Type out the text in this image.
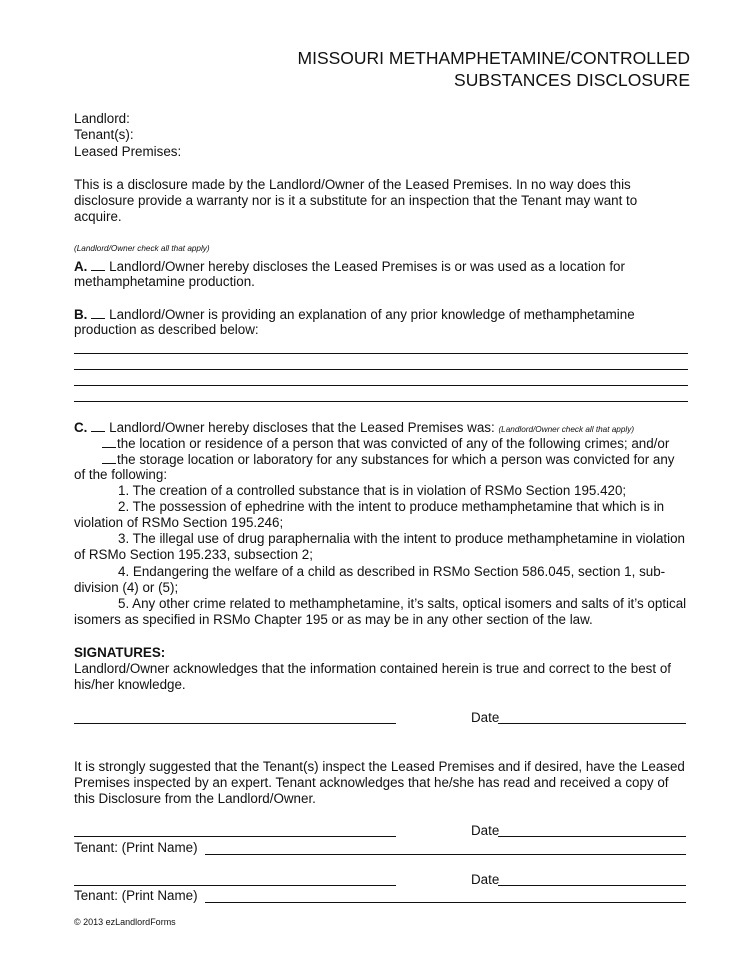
MISSOURI METHAMPHETAMINE/CONTROLLED
SUBSTANCES DISCLOSURE
Landlord:
Tenant(s):
Leased Premises:
This is a disclosure made by the Landlord/Owner of the Leased Premises. In no way does this
disclosure provide a warranty nor is it a substitute for an inspection that the Tenant may want to
acquire.
(Landlord/Owner check all that apply)
A. Landlord/Owner hereby discloses the Leased Premises is or was used as a location for
methamphetamine production.
B. Landlord/Owner is providing an explanation of any prior knowledge of methamphetamine
production as described below:
C. Landlord/Owner hereby discloses that the Leased Premises was: (Landlord/Owner check all that apply)
the location or residence of a person that was convicted of any of the following crimes; and/or
the storage location or laboratory for any substances for which a person was convicted for any
of the following:
1. The creation of a controlled substance that is in violation of RSMo Section 195.420;
2. The possession of ephedrine with the intent to produce methamphetamine that which is in
violation of RSMo Section 195.246;
3. The illegal use of drug paraphernalia with the intent to produce methamphetamine in violation
of RSMo Section 195.233, subsection 2;
4. Endangering the welfare of a child as described in RSMo Section 586.045, section 1, sub-
division (4) or (5);
5. Any other crime related to methamphetamine, it’s salts, optical isomers and salts of it’s optical
isomers as specified in RSMo Chapter 195 or as may be in any other section of the law.
SIGNATURES:
Landlord/Owner acknowledges that the information contained herein is true and correct to the best of
his/her knowledge.
Date
It is strongly suggested that the Tenant(s) inspect the Leased Premises and if desired, have the Leased
Premises inspected by an expert. Tenant acknowledges that he/she has read and received a copy of
this Disclosure from the Landlord/Owner.
Date
Tenant: (Print Name)
Date
Tenant: (Print Name)
© 2013 ezLandlordForms
